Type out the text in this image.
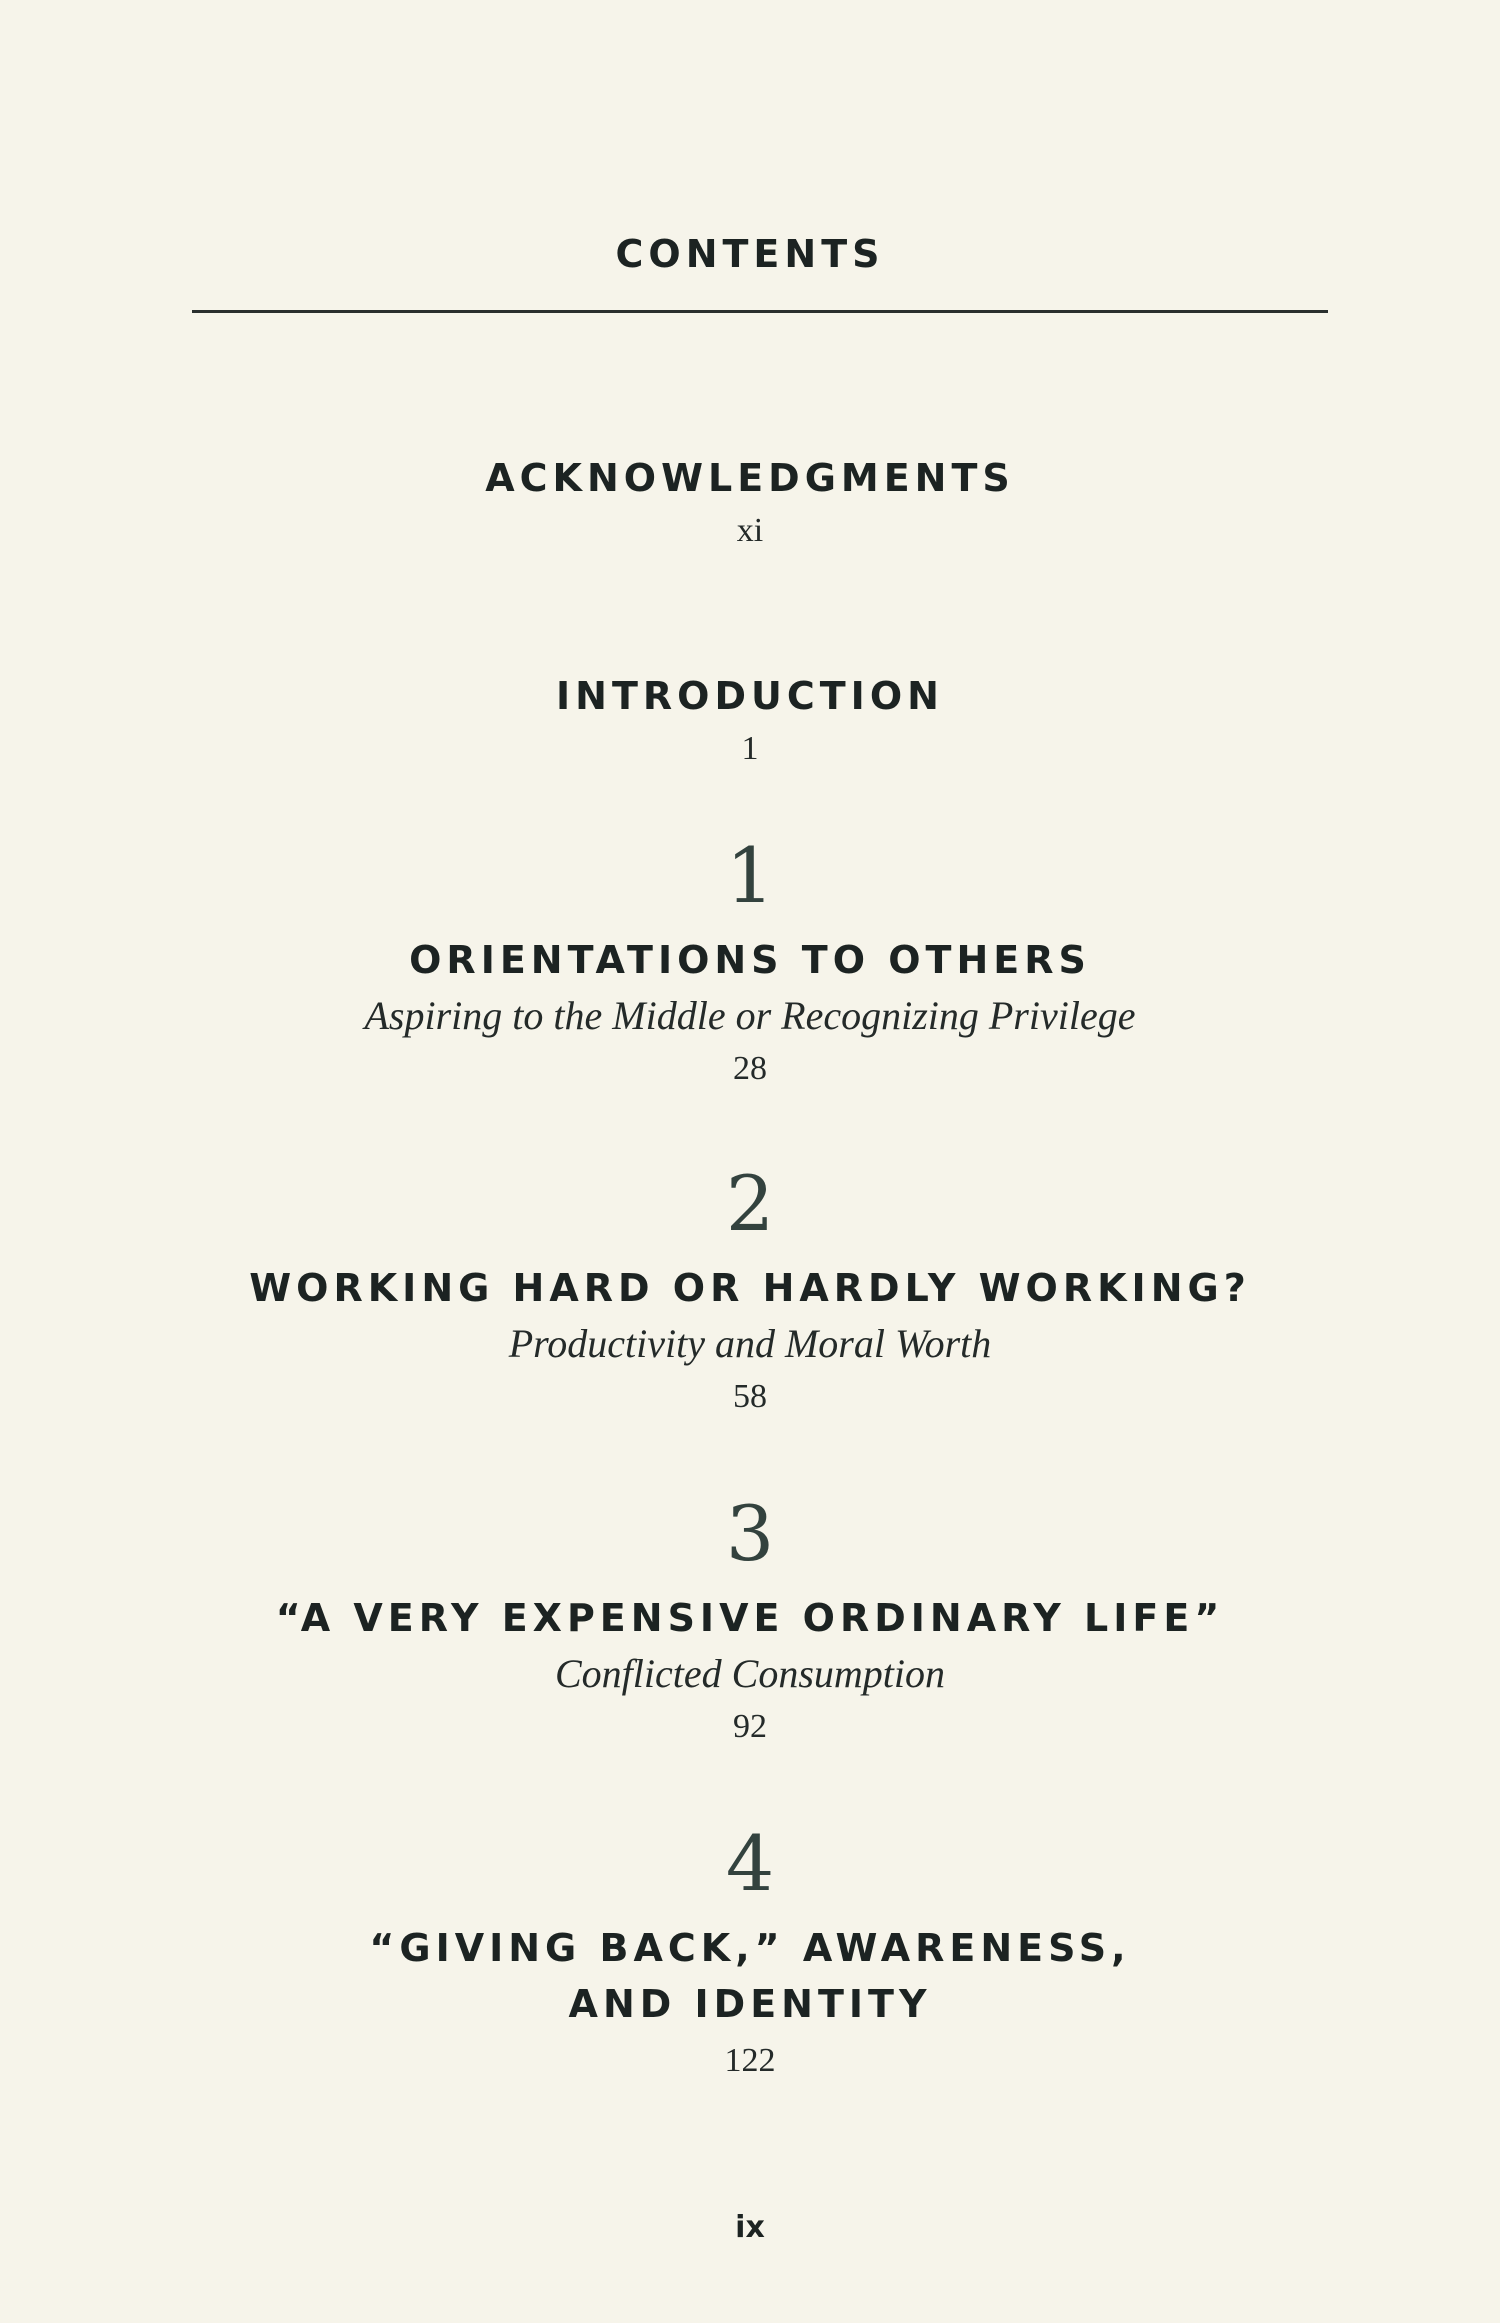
CONTENTS

ACKNOWLEDGMENTS

xi

INTRODUCTION

1

1

ORIENTATIONS TO OTHERS

Aspiring to the Middle or Recognizing Privilege

28

2

WORKING HARD OR HARDLY WORKING?

Productivity and Moral Worth

58

3

“A VERY EXPENSIVE ORDINARY LIFE”

Conflicted Consumption

92

4

“GIVING BACK,” AWARENESS,

AND IDENTITY

122

ix
